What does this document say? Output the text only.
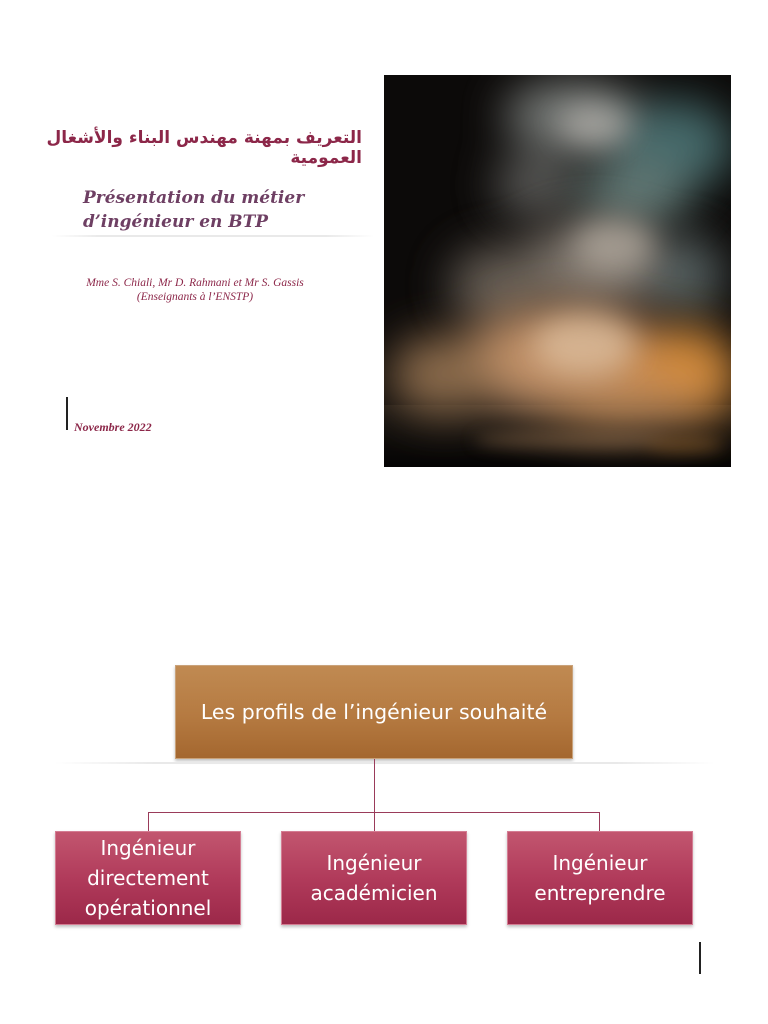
التعريف بمهنة مهندس البناء والأشغال العمومية
Présentation du métier
d’ingénieur en BTP
Mme S. Chiali, Mr D. Rahmani et Mr S. Gassis
(Enseignants à l’ENSTP)
Novembre 2022
Les profils de l’ingénieur souhaité
Ingénieur
directement
opérationnel
Ingénieur
académicien
Ingénieur
entreprendre
